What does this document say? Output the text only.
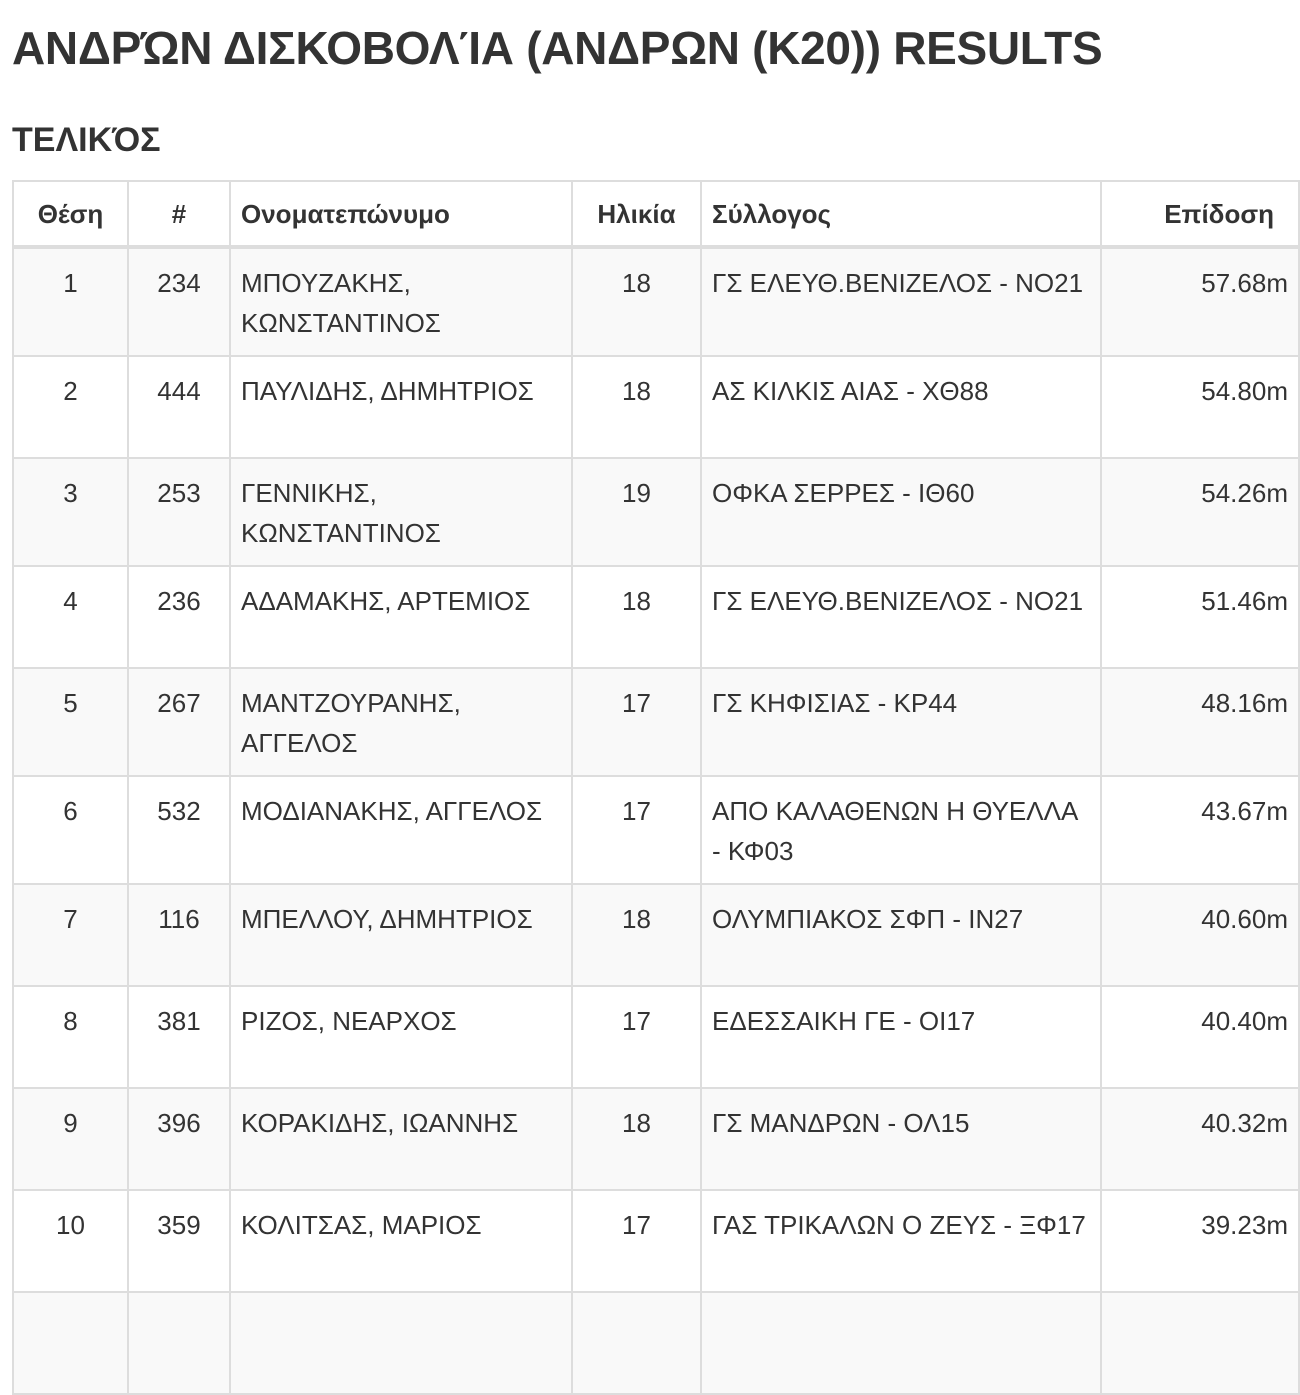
ΑΝΔΡΏΝ ΔΙΣΚΟΒΟΛΊΑ (ΑΝΔΡΩΝ (Κ20)) RESULTS
ΤΕΛΙΚΌΣ
Θέση	#	Ονοματεπώνυμο	Ηλικία	Σύλλογος	Επίδοση
1	234	ΜΠΟΥΖΑΚΗΣ, ΚΩΝΣΤΑΝΤΙΝΟΣ	18	ΓΣ ΕΛΕΥΘ.ΒΕΝΙΖΕΛΟΣ - ΝΟ21	57.68m
2	444	ΠΑΥΛΙΔΗΣ, ΔΗΜΗΤΡΙΟΣ	18	ΑΣ ΚΙΛΚΙΣ ΑΙΑΣ - ΧΘ88	54.80m
3	253	ΓΕΝΝΙΚΗΣ, ΚΩΝΣΤΑΝΤΙΝΟΣ	19	ΟΦΚΑ ΣΕΡΡΕΣ - ΙΘ60	54.26m
4	236	ΑΔΑΜΑΚΗΣ, ΑΡΤΕΜΙΟΣ	18	ΓΣ ΕΛΕΥΘ.ΒΕΝΙΖΕΛΟΣ - ΝΟ21	51.46m
5	267	ΜΑΝΤΖΟΥΡΑΝΗΣ, ΑΓΓΕΛΟΣ	17	ΓΣ ΚΗΦΙΣΙΑΣ - ΚΡ44	48.16m
6	532	ΜΟΔΙΑΝΑΚΗΣ, ΑΓΓΕΛΟΣ	17	ΑΠΟ ΚΑΛΑΘΕΝΩΝ Η ΘΥΕΛΛΑ - ΚΦ03	43.67m
7	116	ΜΠΕΛΛΟΥ, ΔΗΜΗΤΡΙΟΣ	18	ΟΛΥΜΠΙΑΚΟΣ ΣΦΠ - ΙΝ27	40.60m
8	381	ΡΙΖΟΣ, ΝΕΑΡΧΟΣ	17	ΕΔΕΣΣΑΙΚΗ ΓΕ - ΟΙ17	40.40m
9	396	ΚΟΡΑΚΙΔΗΣ, ΙΩΑΝΝΗΣ	18	ΓΣ ΜΑΝΔΡΩΝ - ΟΛ15	40.32m
10	359	ΚΟΛΙΤΣΑΣ, ΜΑΡΙΟΣ	17	ΓΑΣ ΤΡΙΚΑΛΩΝ Ο ΖΕΥΣ - ΞΦ17	39.23m
